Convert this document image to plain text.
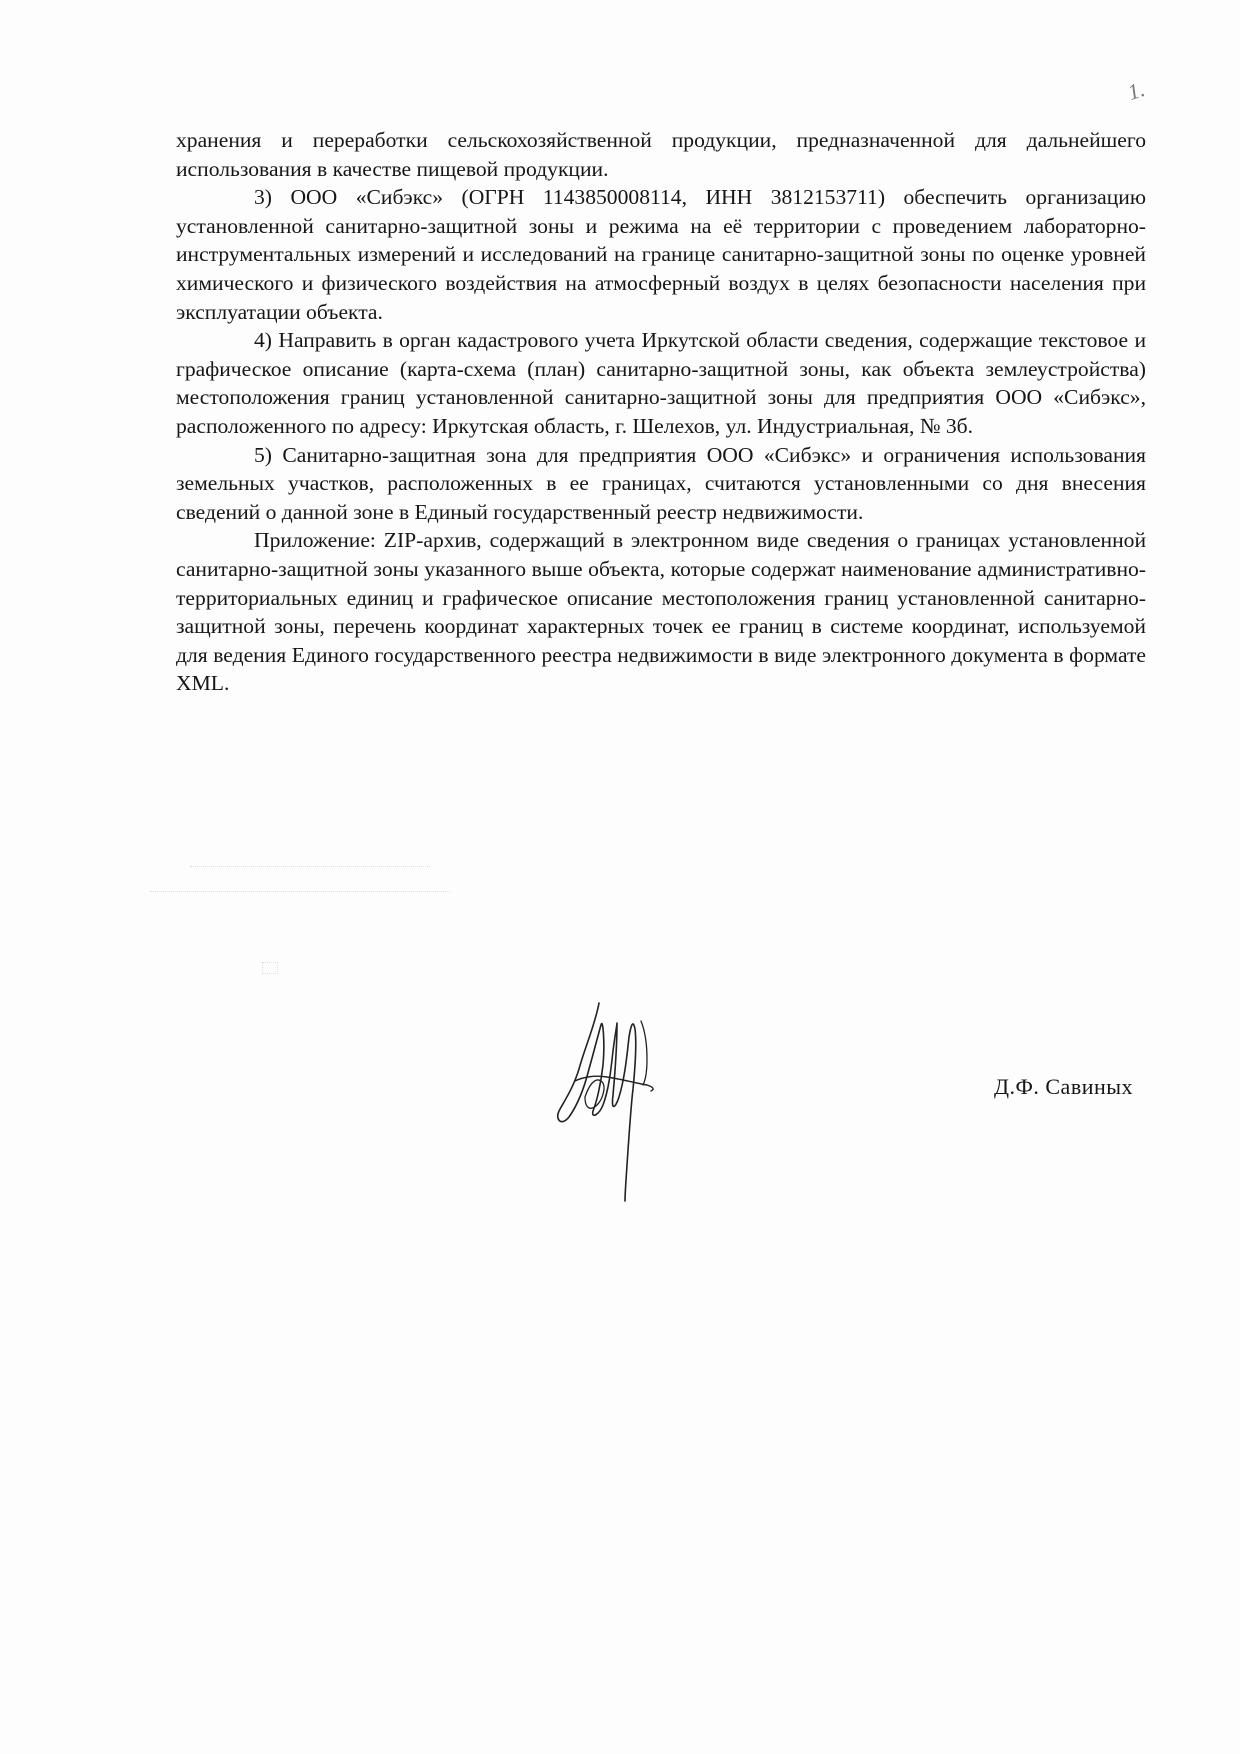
1.

хранения и переработки сельскохозяйственной продукции, предназначенной для дальнейшего использования в качестве пищевой продукции.

3) ООО «Сибэкс» (ОГРН 1143850008114, ИНН 3812153711) обеспечить организацию установленной санитарно-защитной зоны и режима на её территории с проведением лабораторно-инструментальных измерений и исследований на границе санитарно-защитной зоны по оценке уровней химического и физического воздействия на атмосферный воздух в целях безопасности населения при эксплуатации объекта.

4) Направить в орган кадастрового учета Иркутской области сведения, содержащие текстовое и графическое описание (карта-схема (план) санитарно-защитной зоны, как объекта землеустройства) местоположения границ установленной санитарно-защитной зоны для предприятия ООО «Сибэкс», расположенного по адресу: Иркутская область, г. Шелехов, ул. Индустриальная, № 3б.

5) Санитарно-защитная зона для предприятия ООО «Сибэкс» и ограничения использования земельных участков, расположенных в ее границах, считаются установленными со дня внесения сведений о данной зоне в Единый государственный реестр недвижимости.

Приложение: ZIP-архив, содержащий в электронном виде сведения о границах установленной санитарно-защитной зоны указанного выше объекта, которые содержат наименование административно-территориальных единиц и графическое описание местоположения границ установленной санитарно-защитной зоны, перечень координат характерных точек ее границ в системе координат, используемой для ведения Единого государственного реестра недвижимости в виде электронного документа в формате XML.

Д.Ф. Савиных
